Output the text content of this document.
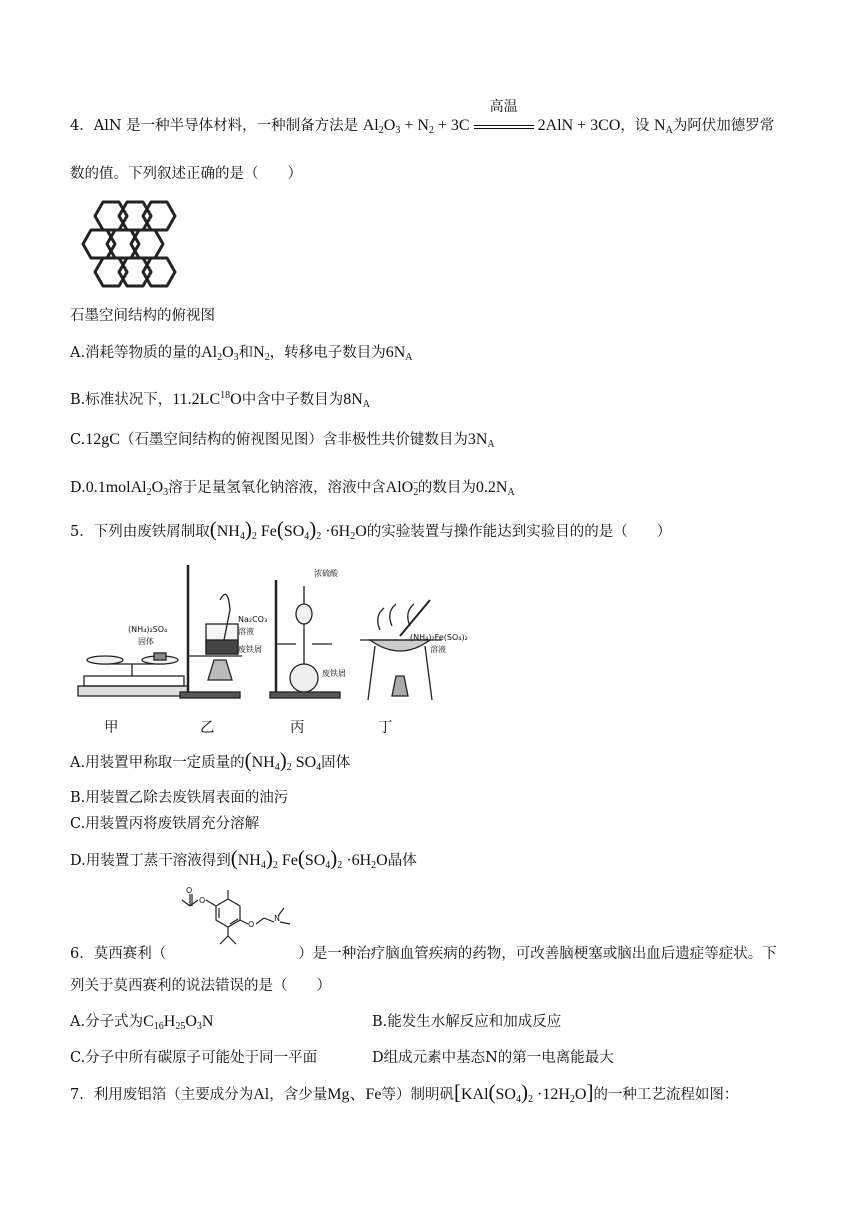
4．AlN 是一种半导体材料，一种制备方法是 $Al_2O_3 + N_2 + 3C$
高温
2AlN + 3CO，设 $N_A$为阿伏加德罗常
数的值。下列叙述正确的是（　　）
石墨空间结构的俯视图
A.消耗等物质的量的$Al_2O_3$和$N_2$，转移电子数目为$6N_A$
B.标准状况下，11.2LC$^{18}$O中含中子数目为$8N_A$
C.12gC（石墨空间结构的俯视图见图）含非极性共价键数目为$3N_A$
$D.0.1molAl_2O_3$溶于足量氢氧化钠溶液，溶液中含AlO$_2$−的数目为$0.2N_A$
5．下列由废铁屑制取$(NH_4)_2$ $Fe(SO_4)_2 \cdot 6H_2O$的实验装置与操作能达到实验目的的是（　　）
(NH₄)₂SO₄
固体
Na₂CO₃
溶液
废铁屑
浓硫酸
废铁屑
(NH₄)₂Fe(SO₄)₂
溶液
甲	乙	丙	丁
A.用装置甲称取一定质量的$(NH_4)_2$ $SO_4$固体
B.用装置乙除去废铁屑表面的油污
C.用装置丙将废铁屑充分溶解
D.用装置丁蒸干溶液得到$(NH_4)_2$ $Fe(SO_4)_2 \cdot 6H_2O$晶体
O
O
O
N
6．莫西赛利（	）是一种治疗脑血管疾病的药物，可改善脑梗塞或脑出血后遗症等症状。下
列关于莫西赛利的说法错误的是（　　）
A.分子式为$C_{16}H_{25}O_3N$	B.能发生水解反应和加成反应
C.分子中所有碳原子可能处于同一平面	D组成元素中基态N的第一电离能最大
7．利用废铝箔（主要成分为Al，含少量Mg、Fe等）制明矾$[KAl(SO_4)_2 \cdot 12H_2O]$的一种工艺流程如图：
